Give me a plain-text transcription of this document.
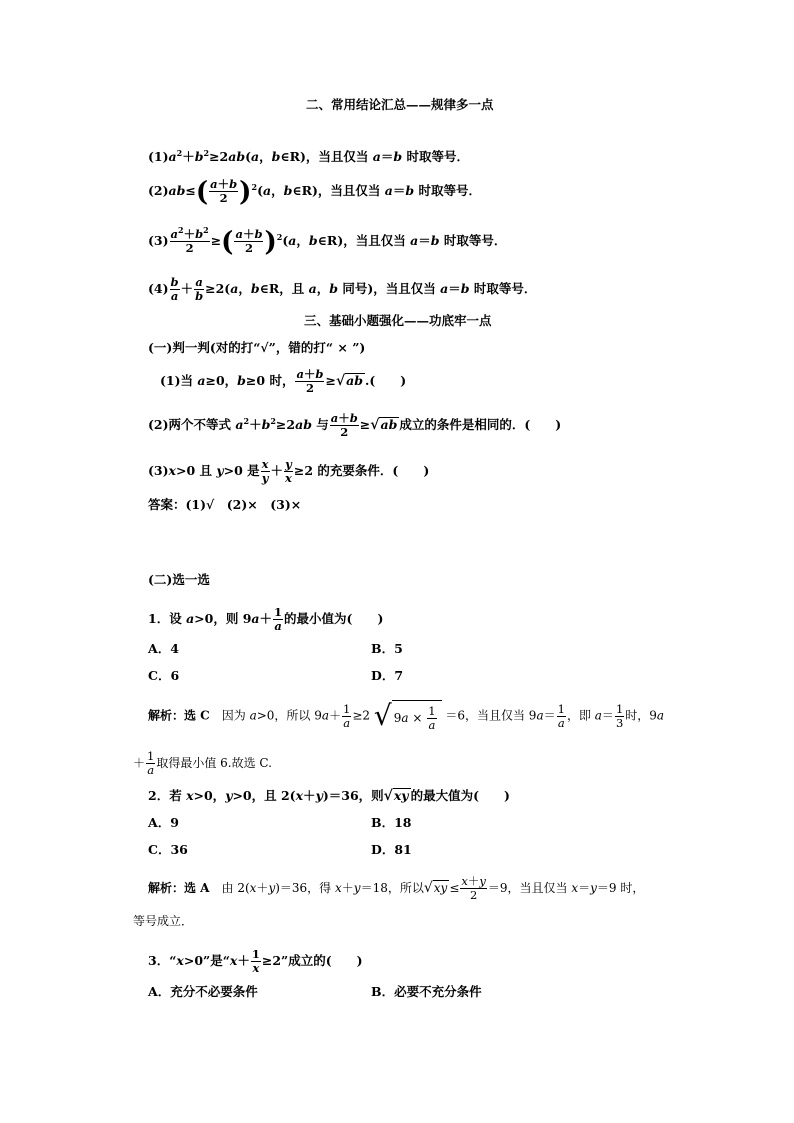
二、常用结论汇总——规律多一点
$(1)a^2+b^2\ge 2ab(a$，b∈R)，当且仅当 a＝b 时取等号．
$(2)ab\le( \frac{a+b}{2} )^2(a$，b∈R)，当且仅当 a＝b 时取等号．
$(3) \frac{a^2+b^2}{2}$ ≥( $\frac{a+b}{2} )^2(a$，b∈R)，当且仅当 a＝b 时取等号．
$(4) \frac{b}{a} + \frac{a}{b} \ge 2(a$，b∈R，且 a，b 同号)，当且仅当 a＝b 时取等号．
三、基础小题强化——功底牢一点
(一)判一判(对的打“√”，错的打“ × ”)
(1)当 a≥0，b≥0 时， $\frac{a+b}{2} \ge√ab$ .(　　)
(2)两个不等式 $a^2+b^2\ge 2ab$ 与 $\frac{a+b}{2} \ge√ab$ 成立的条件是相同的．(　　)
(3)x>0 且 y>0 是 $\frac{x}{y} + \frac{y}{x} \ge 2$ 的充要条件．(　　)
答案：(1)√　(2)×　(3)×
(二)选一选
1．设 a>0，则 $9a+ \frac{1}{a}$ 的最小值为(　　)
A．4	B．5
C．6	D．7
解析：选 C　因为 a>0，所以 $9a+ \frac{1}{a} \ge 2$ √ $9a \times \frac{1}{a} =6$，当且仅当 $9a= \frac{1}{a}$ ，即 $a= \frac{1}{3}$ 时，9a
＋ $\frac{1}{a}$ 取得最小值 6.故选 C.
2．若 x>0，y>0，且 2(x＋y)＝36，则√xy 的最大值为(　　)
A．9	B．18
C．36	D．81
解析：选 A　由 2(x＋y)＝36，得 x＋y＝18，所以$√xy \le \frac{x+y}{2} =9$，当且仅当 x＝y＝9 时，
等号成立．
3．“x>0”是“$x+ \frac{1}{x} \ge 2$”成立的(　　)
A．充分不必要条件	B．必要不充分条件
